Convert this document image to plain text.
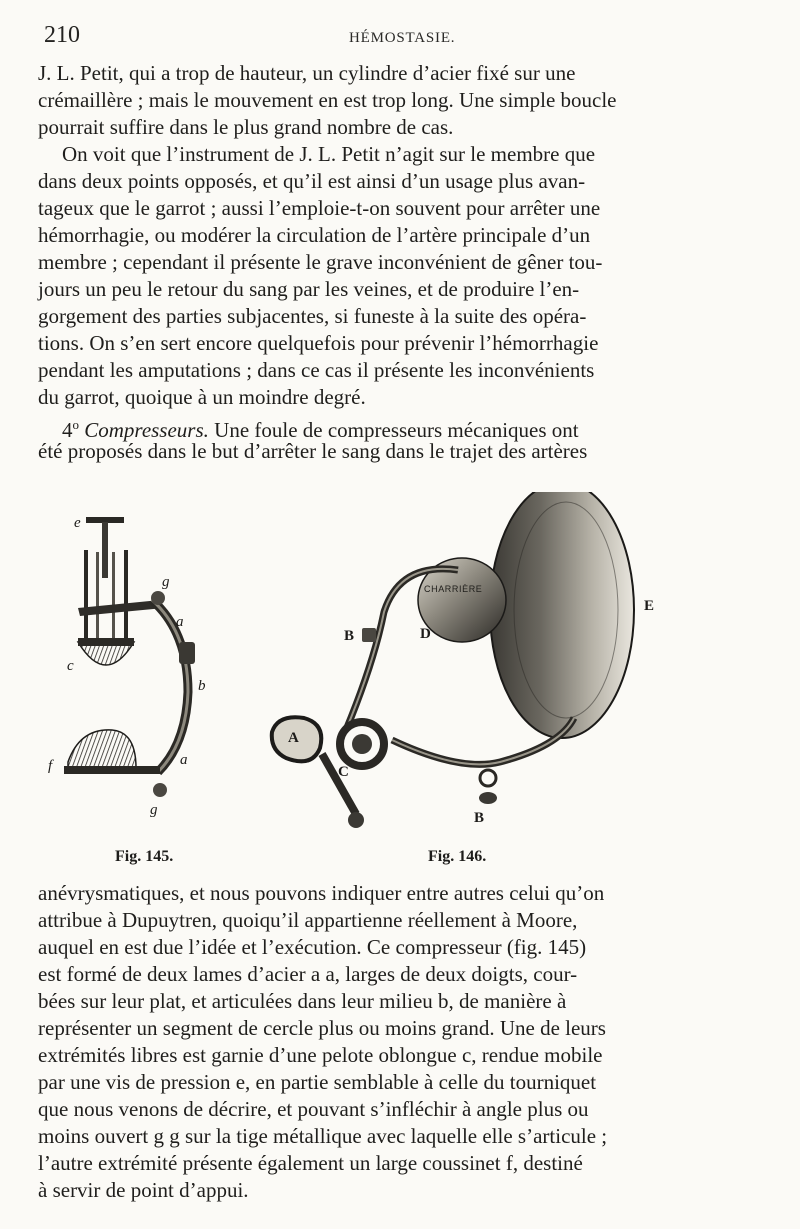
210	HÉMOSTASIE.
J. L. Petit, qui a trop de hauteur, un cylindre d’acier fixé sur une
crémaillère ; mais le mouvement en est trop long. Une simple boucle
pourrait suffire dans le plus grand nombre de cas.
On voit que l’instrument de J. L. Petit n’agit sur le membre que
dans deux points opposés, et qu’il est ainsi d’un usage plus avan-
tageux que le garrot ; aussi l’emploie-t-on souvent pour arrêter une
hémorrhagie, ou modérer la circulation de l’artère principale d’un
membre ; cependant il présente le grave inconvénient de gêner tou-
jours un peu le retour du sang par les veines, et de produire l’en-
gorgement des parties subjacentes, si funeste à la suite des opéra-
tions. On s’en sert encore quelquefois pour prévenir l’hémorrhagie
pendant les amputations ; dans ce cas il présente les inconvénients
du garrot, quoique à un moindre degré.
4$^o$ Compresseurs. Une foule de compresseurs mécaniques ont
été proposés dans le but d’arrêter le sang dans le trajet des artères
e
g
a
c
b
f	a
g
CHARRIÈRE
B	D
E
A
C
B
Fig. 145.	Fig. 146.
anévrysmatiques, et nous pouvons indiquer entre autres celui qu’on
attribue à Dupuytren, quoiqu’il appartienne réellement à Moore,
auquel en est due l’idée et l’exécution. Ce compresseur (fig. 145)
est formé de deux lames d’acier a a, larges de deux doigts, cour-
bées sur leur plat, et articulées dans leur milieu b, de manière à
représenter un segment de cercle plus ou moins grand. Une de leurs
extrémités libres est garnie d’une pelote oblongue c, rendue mobile
par une vis de pression e, en partie semblable à celle du tourniquet
que nous venons de décrire, et pouvant s’infléchir à angle plus ou
moins ouvert g g sur la tige métallique avec laquelle elle s’articule ;
l’autre extrémité présente également un large coussinet f, destiné
à servir de point d’appui.
